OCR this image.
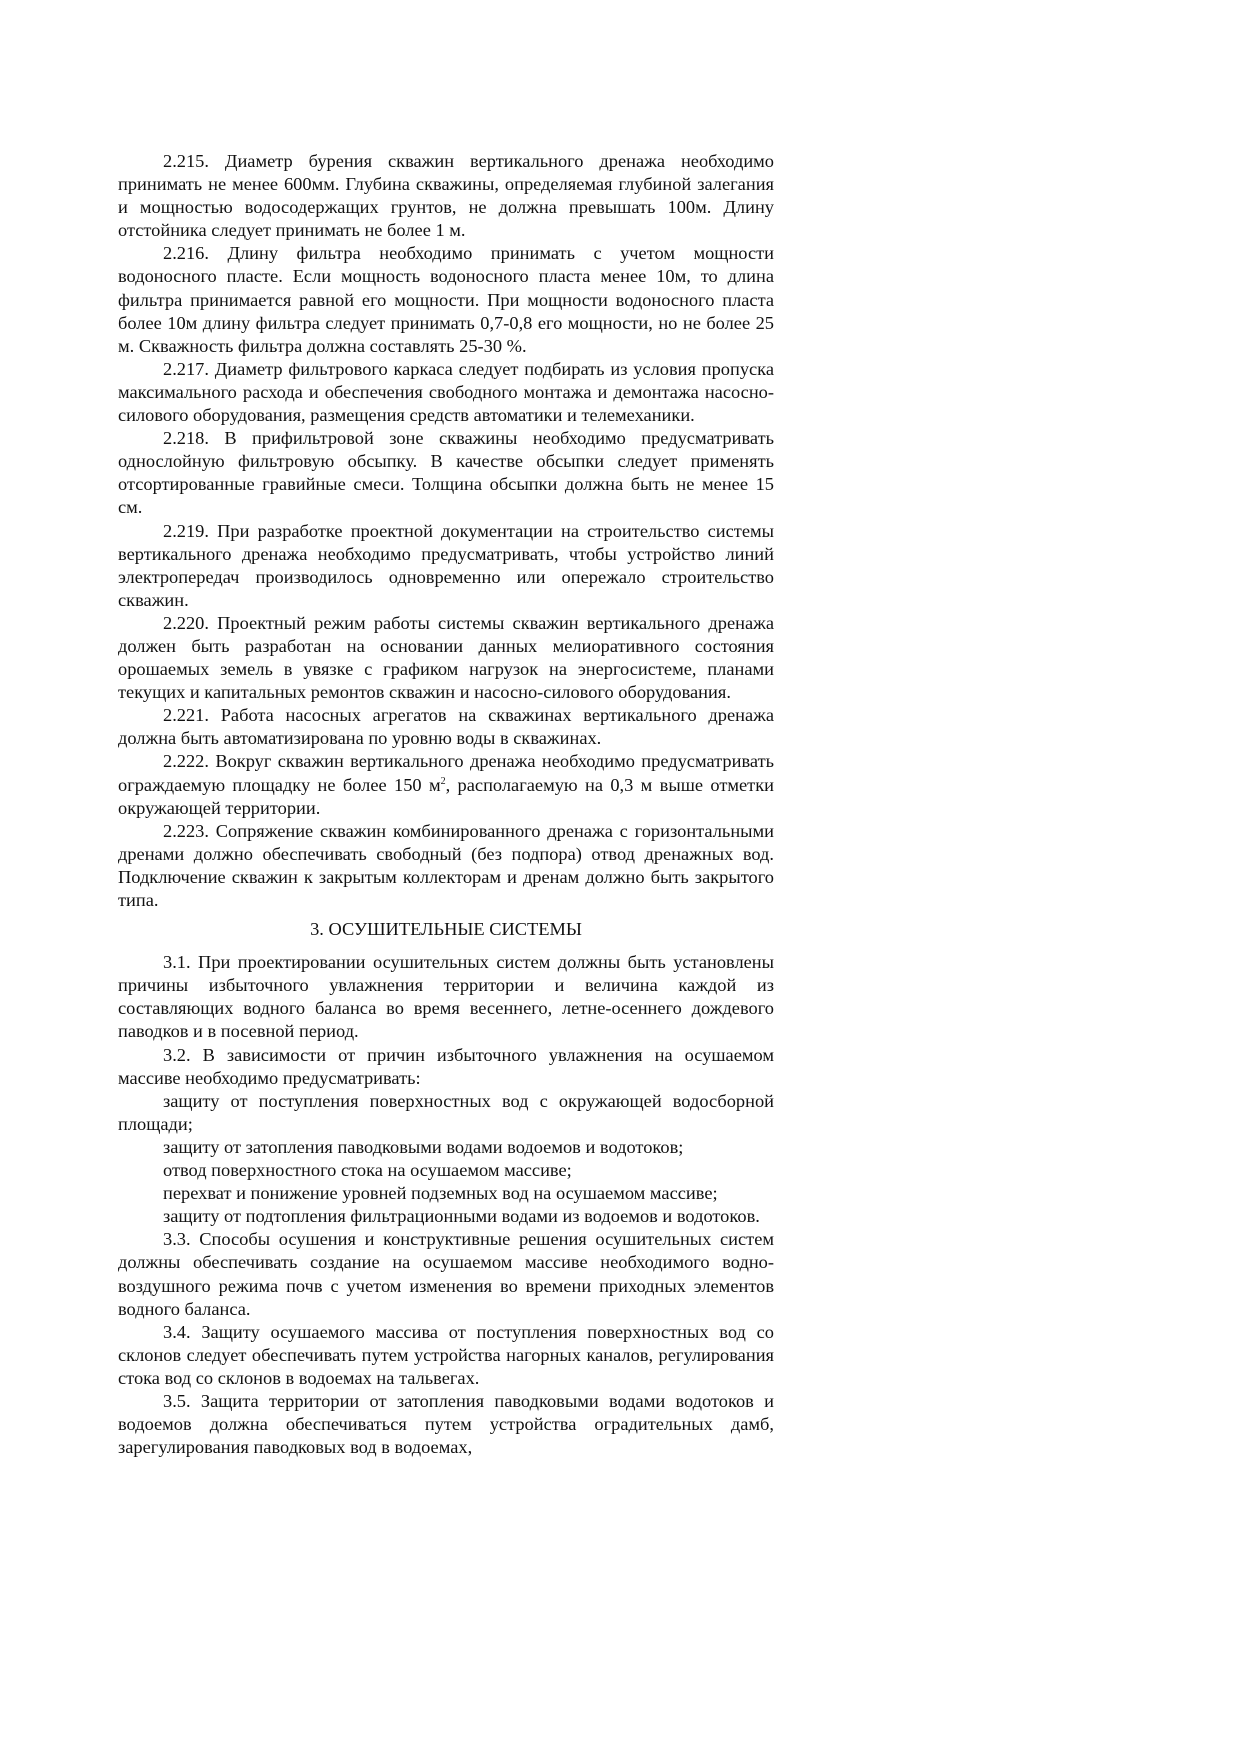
2.215. Диаметр бурения скважин вертикального дренажа необходимо принимать не менее 600мм. Глубина скважины, определяемая глубиной залегания и мощностью водосодержащих грунтов, не должна превышать 100м. Длину отстойника следует принимать не более 1 м.

2.216. Длину фильтра необходимо принимать с учетом мощности водоносного пласте. Если мощность водоносного пласта менее 10м, то длина фильтра принимается равной его мощности. При мощности водоносного пласта более 10м длину фильтра следует принимать 0,7-0,8 его мощности, но не более 25 м. Скважность фильтра должна составлять 25-30 %.

2.217. Диаметр фильтрового каркаса следует подбирать из условия пропуска максимального расхода и обеспечения свободного монтажа и демонтажа насосно-силового оборудования, размещения средств автоматики и телемеханики.

2.218. В прифильтровой зоне скважины необходимо предусматривать однослойную фильтровую обсыпку. В качестве обсыпки следует применять отсортированные гравийные смеси. Толщина обсыпки должна быть не менее 15 см.

2.219. При разработке проектной документации на строительство системы вертикального дренажа необходимо предусматривать, чтобы устройство линий электропередач производилось одновременно или опережало строительство скважин.

2.220. Проектный режим работы системы скважин вертикального дренажа должен быть разработан на основании данных мелиоративного состояния орошаемых земель в увязке с графиком нагрузок на энергосистеме, планами текущих и капитальных ремонтов скважин и насосно-силового оборудования.

2.221. Работа насосных агрегатов на скважинах вертикального дренажа должна быть автоматизирована по уровню воды в скважинах.

2.222. Вокруг скважин вертикального дренажа необходимо предусматривать ограждаемую площадку не более 150 $м^2$, располагаемую на 0,3 м выше отметки окружающей территории.

2.223. Сопряжение скважин комбинированного дренажа с горизонтальными дренами должно обеспечивать свободный (без подпора) отвод дренажных вод. Подключение скважин к закрытым коллекторам и дренам должно быть закрытого типа.

3. ОСУШИТЕЛЬНЫЕ СИСТЕМЫ

3.1. При проектировании осушительных систем должны быть установлены причины избыточного увлажнения территории и величина каждой из составляющих водного баланса во время весеннего, летне-осеннего дождевого паводков и в посевной период.

3.2. В зависимости от причин избыточного увлажнения на осушаемом массиве необходимо предусматривать:

защиту от поступления поверхностных вод с окружающей водосборной площади;

защиту от затопления паводковыми водами водоемов и водотоков;

отвод поверхностного стока на осушаемом массиве;

перехват и понижение уровней подземных вод на осушаемом массиве;

защиту от подтопления фильтрационными водами из водоемов и водотоков.

3.3. Способы осушения и конструктивные решения осушительных систем должны обеспечивать создание на осушаемом массиве необходимого водно-воздушного режима почв с учетом изменения во времени приходных элементов водного баланса.

3.4. Защиту осушаемого массива от поступления поверхностных вод со склонов следует обеспечивать путем устройства нагорных каналов, регулирования стока вод со склонов в водоемах на тальвегах.

3.5. Защита территории от затопления паводковыми водами водотоков и водоемов должна обеспечиваться путем устройства оградительных дамб, зарегулирования паводковых вод в водоемах,
